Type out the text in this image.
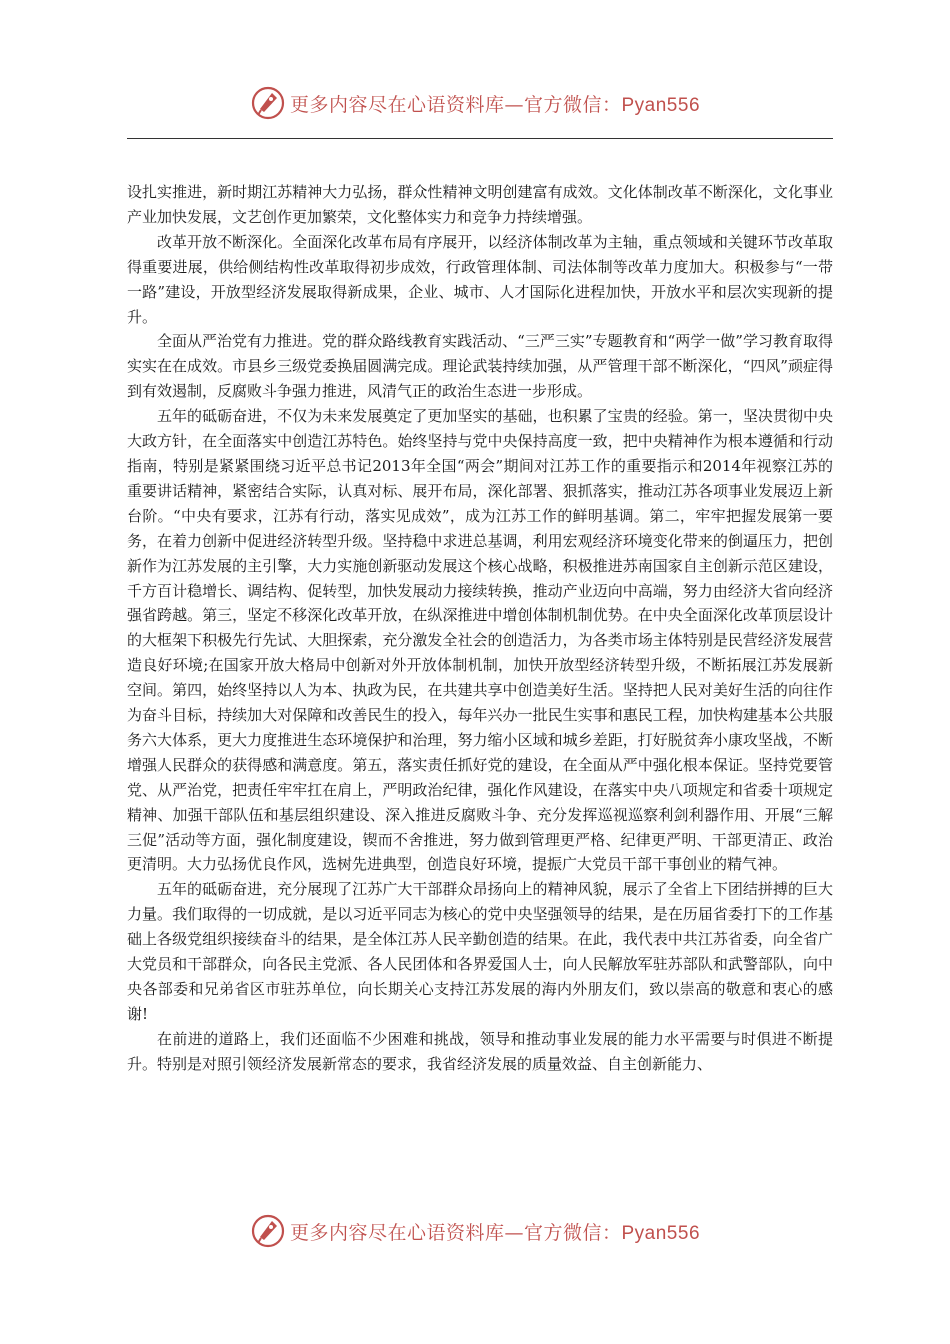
更多内容尽在心语资料库—官方微信：Pyan556

设扎实推进，新时期江苏精神大力弘扬，群众性精神文明创建富有成效。文化体制改革不断深化，文化事业产业加快发展，文艺创作更加繁荣，文化整体实力和竞争力持续增强。

改革开放不断深化。全面深化改革布局有序展开，以经济体制改革为主轴，重点领域和关键环节改革取得重要进展，供给侧结构性改革取得初步成效，行政管理体制、司法体制等改革力度加大。积极参与“一带一路”建设，开放型经济发展取得新成果，企业、城市、人才国际化进程加快，开放水平和层次实现新的提升。

全面从严治党有力推进。党的群众路线教育实践活动、“三严三实”专题教育和“两学一做”学习教育取得实实在在成效。市县乡三级党委换届圆满完成。理论武装持续加强，从严管理干部不断深化，“四风”顽症得到有效遏制，反腐败斗争强力推进，风清气正的政治生态进一步形成。

五年的砥砺奋进，不仅为未来发展奠定了更加坚实的基础，也积累了宝贵的经验。第一，坚决贯彻中央大政方针，在全面落实中创造江苏特色。始终坚持与党中央保持高度一致，把中央精神作为根本遵循和行动指南，特别是紧紧围绕习近平总书记2013年全国“两会”期间对江苏工作的重要指示和2014年视察江苏的重要讲话精神，紧密结合实际，认真对标、展开布局，深化部署、狠抓落实，推动江苏各项事业发展迈上新台阶。“中央有要求，江苏有行动，落实见成效”，成为江苏工作的鲜明基调。第二，牢牢把握发展第一要务，在着力创新中促进经济转型升级。坚持稳中求进总基调，利用宏观经济环境变化带来的倒逼压力，把创新作为江苏发展的主引擎，大力实施创新驱动发展这个核心战略，积极推进苏南国家自主创新示范区建设，千方百计稳增长、调结构、促转型，加快发展动力接续转换，推动产业迈向中高端，努力由经济大省向经济强省跨越。第三，坚定不移深化改革开放，在纵深推进中增创体制机制优势。在中央全面深化改革顶层设计的大框架下积极先行先试、大胆探索，充分激发全社会的创造活力，为各类市场主体特别是民营经济发展营造良好环境;在国家开放大格局中创新对外开放体制机制，加快开放型经济转型升级，不断拓展江苏发展新空间。第四，始终坚持以人为本、执政为民，在共建共享中创造美好生活。坚持把人民对美好生活的向往作为奋斗目标，持续加大对保障和改善民生的投入，每年兴办一批民生实事和惠民工程，加快构建基本公共服务六大体系，更大力度推进生态环境保护和治理，努力缩小区域和城乡差距，打好脱贫奔小康攻坚战，不断增强人民群众的获得感和满意度。第五，落实责任抓好党的建设，在全面从严中强化根本保证。坚持党要管党、从严治党，把责任牢牢扛在肩上，严明政治纪律，强化作风建设，在落实中央八项规定和省委十项规定精神、加强干部队伍和基层组织建设、深入推进反腐败斗争、充分发挥巡视巡察利剑利器作用、开展“三解三促”活动等方面，强化制度建设，锲而不舍推进，努力做到管理更严格、纪律更严明、干部更清正、政治更清明。大力弘扬优良作风，选树先进典型，创造良好环境，提振广大党员干部干事创业的精气神。

五年的砥砺奋进，充分展现了江苏广大干部群众昂扬向上的精神风貌，展示了全省上下团结拼搏的巨大力量。我们取得的一切成就，是以习近平同志为核心的党中央坚强领导的结果，是在历届省委打下的工作基础上各级党组织接续奋斗的结果，是全体江苏人民辛勤创造的结果。在此，我代表中共江苏省委，向全省广大党员和干部群众，向各民主党派、各人民团体和各界爱国人士，向人民解放军驻苏部队和武警部队，向中央各部委和兄弟省区市驻苏单位，向长期关心支持江苏发展的海内外朋友们，致以崇高的敬意和衷心的感谢!

在前进的道路上，我们还面临不少困难和挑战，领导和推动事业发展的能力水平需要与时俱进不断提升。特别是对照引领经济发展新常态的要求，我省经济发展的质量效益、自主创新能力、

更多内容尽在心语资料库—官方微信：Pyan556
